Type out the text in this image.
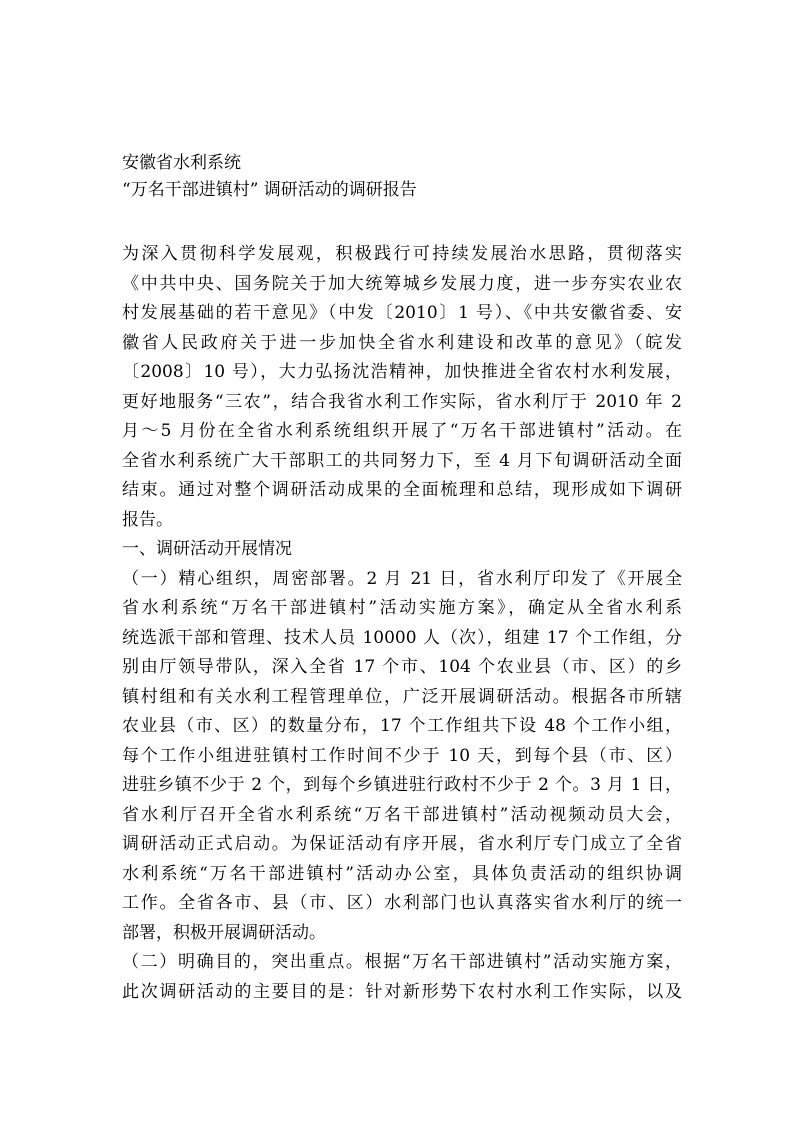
安徽省水利系统
“万名干部进镇村” 调研活动的调研报告
为深入贯彻科学发展观，积极践行可持续发展治水思路，贯彻落实
《中共中央、国务院关于加大统筹城乡发展力度，进一步夯实农业农
村发展基础的若干意见》（中发〔2010〕1 号）、《中共安徽省委、安
徽省人民政府关于进一步加快全省水利建设和改革的意见》（皖发
〔2008〕10 号），大力弘扬沈浩精神，加快推进全省农村水利发展，
更好地服务“三农”，结合我省水利工作实际，省水利厅于 2010 年 2
月～5 月份在全省水利系统组织开展了“万名干部进镇村”活动。在
全省水利系统广大干部职工的共同努力下，至 4 月下旬调研活动全面
结束。通过对整个调研活动成果的全面梳理和总结，现形成如下调研
报告。
一、调研活动开展情况
（一）精心组织，周密部署。2 月 21 日，省水利厅印发了《开展全
省水利系统“万名干部进镇村”活动实施方案》，确定从全省水利系
统选派干部和管理、技术人员 10000 人（次），组建 17 个工作组，分
别由厅领导带队，深入全省 17 个市、104 个农业县（市、区）的乡
镇村组和有关水利工程管理单位，广泛开展调研活动。根据各市所辖
农业县（市、区）的数量分布，17 个工作组共下设 48 个工作小组，
每个工作小组进驻镇村工作时间不少于 10 天，到每个县（市、区）
进驻乡镇不少于 2 个，到每个乡镇进驻行政村不少于 2 个。3 月 1 日，
省水利厅召开全省水利系统“万名干部进镇村”活动视频动员大会，
调研活动正式启动。为保证活动有序开展，省水利厅专门成立了全省
水利系统“万名干部进镇村”活动办公室，具体负责活动的组织协调
工作。全省各市、县（市、区）水利部门也认真落实省水利厅的统一
部署，积极开展调研活动。
（二）明确目的，突出重点。根据“万名干部进镇村”活动实施方案，
此次调研活动的主要目的是：针对新形势下农村水利工作实际，以及
